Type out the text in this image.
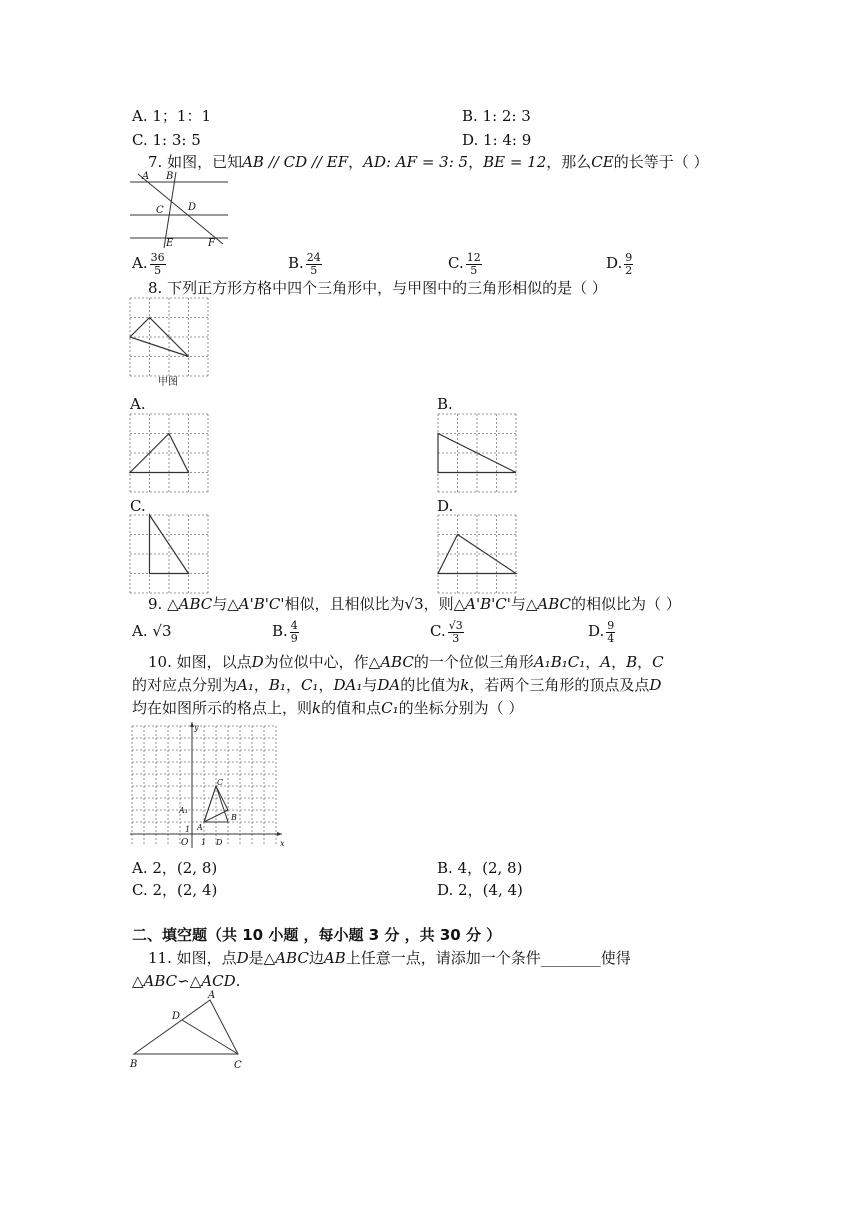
A. 1；1：1	B. 1: 2: 3
C. 1: 3: 5	D. 1: 4: 9
7. 如图，已知AB // CD // EF，AD: AF = 3: 5，BE = 12，那么CE的长等于（ ）
A B
C D
E	F
A. $\frac{36}{5}$	B. $\frac{24}{5}$	C. $\frac{12}{5}$	D. $\frac{9}{2}$
8. 下列正方形方格中四个三角形中，与甲图中的三角形相似的是（ ）
甲图
A.	B.
C.	D.
9. △ABC与△A'B'C'相似，且相似比为√3，则△A'B'C'与△ABC的相似比为（ ）
A. √3	B. $\frac{4}{9}$	C. $\frac{√3}{3}$	D. $\frac{9}{4}$
10. 如图，以点D为位似中心，作△ABC的一个位似三角形A₁B₁C₁，A，B，C
的对应点分别为A₁，B₁，C₁，DA₁与DA的比值为k，若两个三角形的顶点及点D
均在如图所示的格点上，则k的值和点C₁的坐标分别为（ ）
y
x
O 1
1
A₁
A
B
C
D
A. 2，(2, 8)	B. 4，(2, 8)
C. 2，(2, 4)	D. 2，(4, 4)
二、填空题（共 10 小题 ，每小题 3 分 ，共 30 分 ）
11. 如图，点D是△ABC边AB上任意一点，请添加一个条件________使得
△ABC∽△ACD.
A
B	C
D
